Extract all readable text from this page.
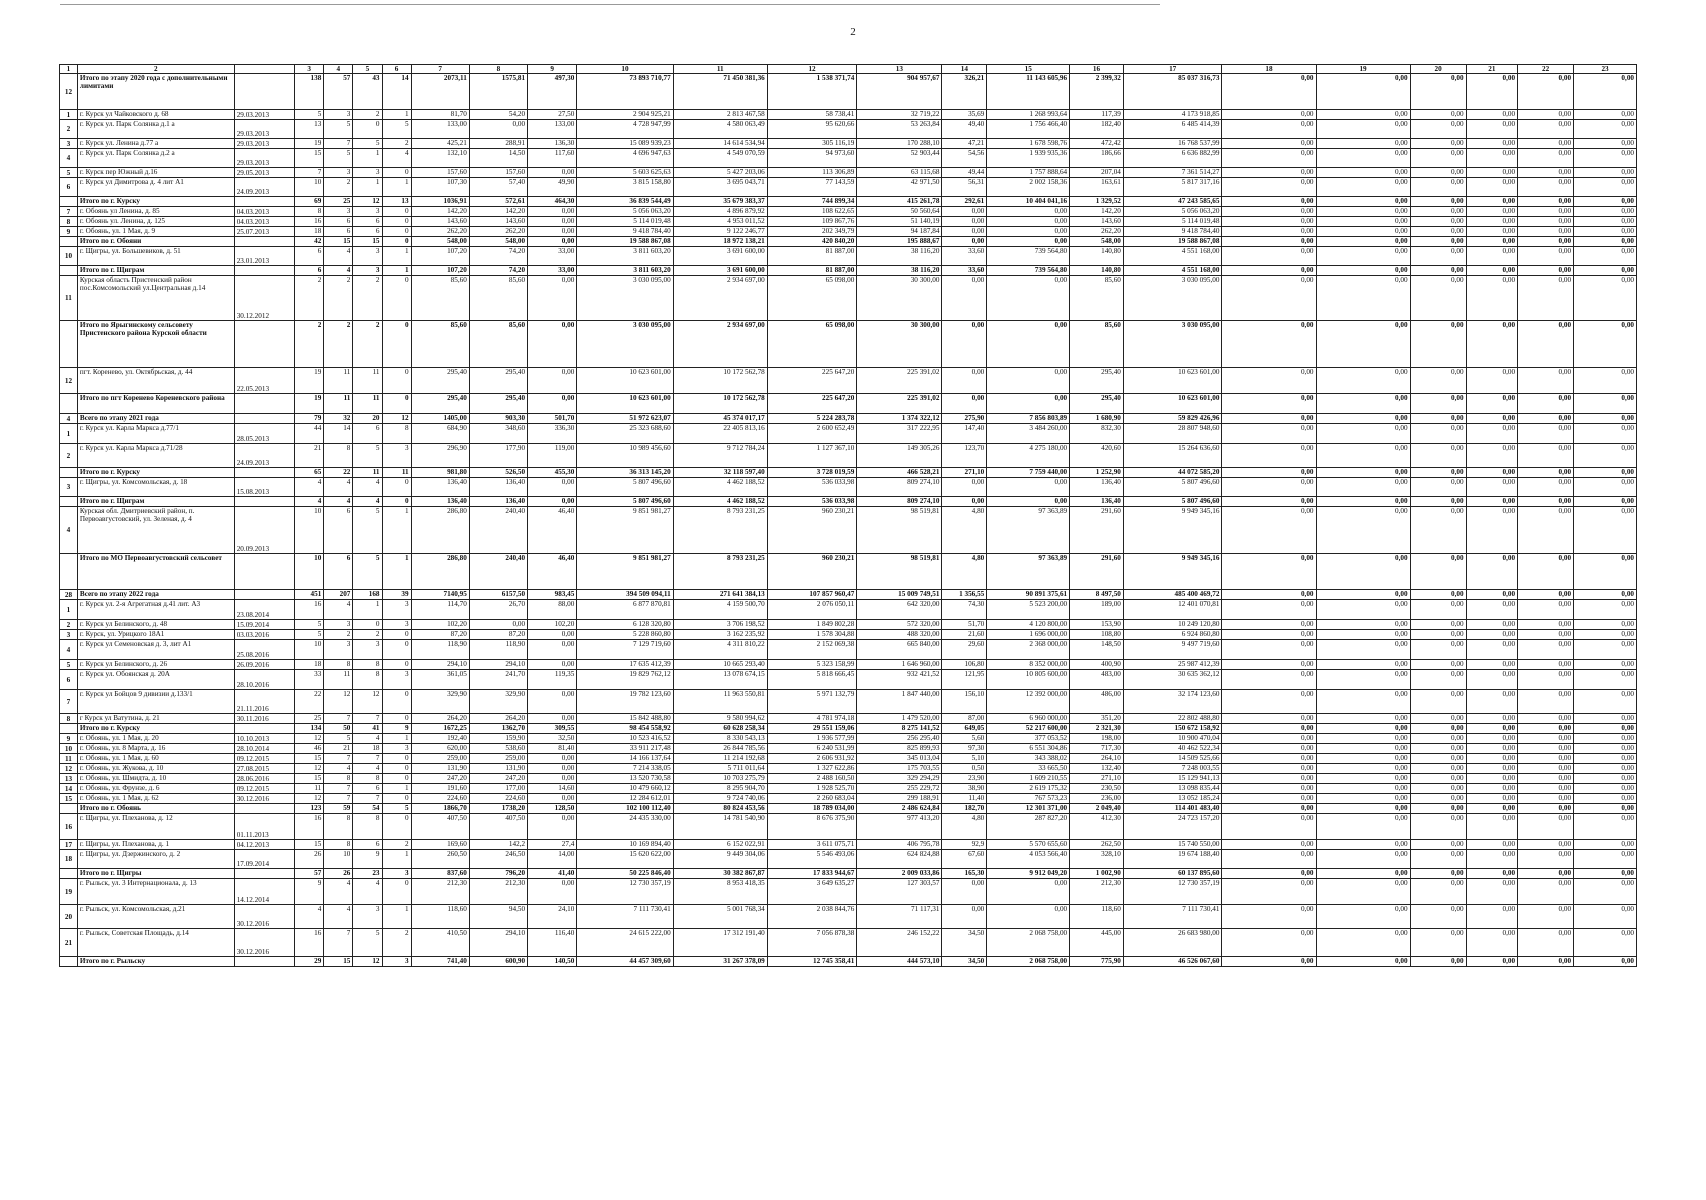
2
1	2		3	4	5	6	7	8	9	10	11	12	13	14	15	16	17	18	19	20	21	22	23
12	Итого по этапу 2020 года с дополнительными лимитами		138	57	43	14	2073,11	1575,81	497,30	73 893 710,77	71 450 381,36	1 538 371,74	904 957,67	326,21	11 143 605,96	2 399,32	85 037 316,73	0,00	0,00	0,00	0,00	0,00	0,00
1	г. Курск ул Чайковского д. 68	29.03.2013	5	3	2	1	81,70	54,20	27,50	2 904 925,21	2 813 467,58	58 738,41	32 719,22	35,69	1 268 993,64	117,39	4 173 918,85	0,00	0,00	0,00	0,00	0,00	0,00
2	г. Курск ул. Парк Солянка д.1 а	29.03.2013	13	5	0	5	133,00	0,00	133,00	4 728 947,99	4 580 063,49	95 620,66	53 263,84	49,40	1 756 466,40	182,40	6 485 414,39	0,00	0,00	0,00	0,00	0,00	0,00
3	г. Курск ул. Ленина д.77 а	29.03.2013	19	7	5	2	425,21	288,91	136,30	15 089 939,23	14 614 534,94	305 116,19	170 288,10	47,21	1 678 598,76	472,42	16 768 537,99	0,00	0,00	0,00	0,00	0,00	0,00
4	г. Курск ул. Парк Солянка д.2 а	29.03.2013	15	5	1	4	132,10	14,50	117,60	4 696 947,63	4 549 070,59	94 973,60	52 903,44	54,56	1 939 935,36	186,66	6 636 882,99	0,00	0,00	0,00	0,00	0,00	0,00
5	г. Курск пер Южный д.16	29.05.2013	7	3	3	0	157,60	157,60	0,00	5 603 625,63	5 427 203,06	113 306,89	63 115,68	49,44	1 757 888,64	207,04	7 361 514,27	0,00	0,00	0,00	0,00	0,00	0,00
6	г. Курск ул Димитрова д. 4 лит А1	24.09.2013	10	2	1	1	107,30	57,40	49,90	3 815 158,80	3 695 043,71	77 143,59	42 971,50	56,31	2 002 158,36	163,61	5 817 317,16	0,00	0,00	0,00	0,00	0,00	0,00
	Итого по г. Курску		69	25	12	13	1036,91	572,61	464,30	36 839 544,49	35 679 383,37	744 899,34	415 261,78	292,61	10 404 041,16	1 329,52	47 243 585,65	0,00	0,00	0,00	0,00	0,00	0,00
7	г. Обоянь ул Ленина, д. 85	04.03.2013	8	3	3	0	142,20	142,20	0,00	5 056 063,20	4 896 879,92	108 622,65	50 560,64	0,00	0,00	142,20	5 056 063,20	0,00	0,00	0,00	0,00	0,00	0,00
8	г. Обоянь ул. Ленина, д. 125	04.03.2013	16	6	6	0	143,60	143,60	0,00	5 114 019,48	4 953 011,52	109 867,76	51 140,19	0,00	0,00	143,60	5 114 019,48	0,00	0,00	0,00	0,00	0,00	0,00
9	г. Обоянь, ул. 1 Мая, д. 9	25.07.2013	18	6	6	0	262,20	262,20	0,00	9 418 784,40	9 122 246,77	202 349,79	94 187,84	0,00	0,00	262,20	9 418 784,40	0,00	0,00	0,00	0,00	0,00	0,00
	Итого по г. Обояни		42	15	15	0	548,00	548,00	0,00	19 588 867,08	18 972 138,21	420 840,20	195 888,67	0,00	0,00	548,00	19 588 867,08	0,00	0,00	0,00	0,00	0,00	0,00
10	г. Щигры, ул. Большевиков, д. 51	23.01.2013	6	4	3	1	107,20	74,20	33,00	3 811 603,20	3 691 600,00	81 887,00	38 116,20	33,60	739 564,80	140,80	4 551 168,00	0,00	0,00	0,00	0,00	0,00	0,00
	Итого по г. Щиграм		6	4	3	1	107,20	74,20	33,00	3 811 603,20	3 691 600,00	81 887,00	38 116,20	33,60	739 564,80	140,80	4 551 168,00	0,00	0,00	0,00	0,00	0,00	0,00
11	Курская область Пристенский район пос.Комсомольский ул.Центральная д.14	30.12.2012	2	2	2	0	85,60	85,60	0,00	3 030 095,00	2 934 697,00	65 098,00	30 300,00	0,00	0,00	85,60	3 030 095,00	0,00	0,00	0,00	0,00	0,00	0,00
	Итого по Ярыгинскому сельсовету Пристенского района Курской области		2	2	2	0	85,60	85,60	0,00	3 030 095,00	2 934 697,00	65 098,00	30 300,00	0,00	0,00	85,60	3 030 095,00	0,00	0,00	0,00	0,00	0,00	0,00
12	пгт. Коренево, ул. Октябрьская, д. 44	22.05.2013	19	11	11	0	295,40	295,40	0,00	10 623 601,00	10 172 562,78	225 647,20	225 391,02	0,00	0,00	295,40	10 623 601,00	0,00	0,00	0,00	0,00	0,00	0,00
	Итого по пгт Коренево Кореневского района		19	11	11	0	295,40	295,40	0,00	10 623 601,00	10 172 562,78	225 647,20	225 391,02	0,00	0,00	295,40	10 623 601,00	0,00	0,00	0,00	0,00	0,00	0,00
4	Всего по этапу 2021 года		79	32	20	12	1405,00	903,30	501,70	51 972 623,07	45 374 017,17	5 224 283,78	1 374 322,12	275,90	7 856 803,89	1 680,90	59 829 426,96	0,00	0,00	0,00	0,00	0,00	0,00
1	г. Курск ул. Карла Маркса д.77/1	28.05.2013	44	14	6	8	684,90	348,60	336,30	25 323 688,60	22 405 813,16	2 600 652,49	317 222,95	147,40	3 484 260,00	832,30	28 807 948,60	0,00	0,00	0,00	0,00	0,00	0,00
2	г. Курск ул. Карла Маркса д.71/28	24.09.2013	21	8	5	3	296,90	177,90	119,00	10 989 456,60	9 712 784,24	1 127 367,10	149 305,26	123,70	4 275 180,00	420,60	15 264 636,60	0,00	0,00	0,00	0,00	0,00	0,00
	Итого по г. Курску		65	22	11	11	981,80	526,50	455,30	36 313 145,20	32 118 597,40	3 728 019,59	466 528,21	271,10	7 759 440,00	1 252,90	44 072 585,20	0,00	0,00	0,00	0,00	0,00	0,00
3	г. Щигры, ул. Комсомольская, д. 18	15.08.2013	4	4	4	0	136,40	136,40	0,00	5 807 496,60	4 462 188,52	536 033,98	809 274,10	0,00	0,00	136,40	5 807 496,60	0,00	0,00	0,00	0,00	0,00	0,00
	Итого по г. Щиграм		4	4	4	0	136,40	136,40	0,00	5 807 496,60	4 462 188,52	536 033,98	809 274,10	0,00	0,00	136,40	5 807 496,60	0,00	0,00	0,00	0,00	0,00	0,00
4	Курская обл. Дмитриевский район, п. Первоавгустовский, ул. Зеленая, д. 4	20.09.2013	10	6	5	1	286,80	240,40	46,40	9 851 981,27	8 793 231,25	960 230,21	98 519,81	4,80	97 363,89	291,60	9 949 345,16	0,00	0,00	0,00	0,00	0,00	0,00
	Итого по МО Первоавгустовский сельсовет		10	6	5	1	286,80	240,40	46,40	9 851 981,27	8 793 231,25	960 230,21	98 519,81	4,80	97 363,89	291,60	9 949 345,16	0,00	0,00	0,00	0,00	0,00	0,00
28	Всего по этапу 2022 года		451	207	168	39	7140,95	6157,50	983,45	394 509 094,11	271 641 384,13	107 857 960,47	15 009 749,51	1 356,55	90 891 375,61	8 497,50	485 400 469,72	0,00	0,00	0,00	0,00	0,00	0,00
1	г. Курск ул. 2-я Агрегатная д.41 лит. А3	23.08.2014	16	4	1	3	114,70	26,70	88,00	6 877 870,81	4 159 500,70	2 076 050,11	642 320,00	74,30	5 523 200,00	189,00	12 401 070,81	0,00	0,00	0,00	0,00	0,00	0,00
2	г. Курск ул Белинского, д. 48	15.09.2014	5	3	0	3	102,20	0,00	102,20	6 128 320,80	3 706 198,52	1 849 802,28	572 320,00	51,70	4 120 800,00	153,90	10 249 120,80	0,00	0,00	0,00	0,00	0,00	0,00
3	г. Курск, ул. Урицкого 18А1	03.03.2016	5	2	2	0	87,20	87,20	0,00	5 228 860,80	3 162 235,92	1 578 304,88	488 320,00	21,60	1 696 000,00	108,80	6 924 860,80	0,00	0,00	0,00	0,00	0,00	0,00
4	г. Курск ул Семеновская д. 3, лит А1	25.08.2016	10	3	3	0	118,90	118,90	0,00	7 129 719,60	4 311 810,22	2 152 069,38	665 840,00	29,60	2 368 000,00	148,50	9 497 719,60	0,00	0,00	0,00	0,00	0,00	0,00
5	г. Курск ул Белинского, д. 26	26.09.2016	18	8	8	0	294,10	294,10	0,00	17 635 412,39	10 665 293,40	5 323 158,99	1 646 960,00	106,80	8 352 000,00	400,90	25 987 412,39	0,00	0,00	0,00	0,00	0,00	0,00
6	г. Курск ул. Обоянская д. 20А	28.10.2016	33	11	8	3	361,05	241,70	119,35	19 829 762,12	13 078 674,15	5 818 666,45	932 421,52	121,95	10 805 600,00	483,00	30 635 362,12	0,00	0,00	0,00	0,00	0,00	0,00
7	г. Курск ул Бойцов 9 дивизии д.133/1	21.11.2016	22	12	12	0	329,90	329,90	0,00	19 782 123,60	11 963 550,81	5 971 132,79	1 847 440,00	156,10	12 392 000,00	486,00	32 174 123,60	0,00	0,00	0,00	0,00	0,00	0,00
8	г Курск ул Ватутина, д. 21	30.11.2016	25	7	7	0	264,20	264,20	0,00	15 842 488,80	9 580 994,62	4 781 974,18	1 479 520,00	87,00	6 960 000,00	351,20	22 802 488,80	0,00	0,00	0,00	0,00	0,00	0,00
	Итого по г. Курску		134	50	41	9	1672,25	1362,70	309,55	98 454 558,92	60 628 258,34	29 551 159,06	8 275 141,52	649,05	52 217 600,00	2 321,30	150 672 158,92	0,00	0,00	0,00	0,00	0,00	0,00
9	г. Обоянь, ул. 1 Мая, д. 20	10.10.2013	12	5	4	1	192,40	159,90	32,50	10 523 416,52	8 330 543,13	1 936 577,99	256 295,40	5,60	377 053,52	198,00	10 900 470,04	0,00	0,00	0,00	0,00	0,00	0,00
10	г. Обоянь, ул. 8 Марта, д. 16	28.10.2014	46	21	18	3	620,00	538,60	81,40	33 911 217,48	26 844 785,56	6 240 531,99	825 899,93	97,30	6 551 304,86	717,30	40 462 522,34	0,00	0,00	0,00	0,00	0,00	0,00
11	г. Обоянь, ул. 1 Мая, д. 60	09.12.2015	15	7	7	0	259,00	259,00	0,00	14 166 137,64	11 214 192,68	2 606 931,92	345 013,04	5,10	343 388,02	264,10	14 509 525,66	0,00	0,00	0,00	0,00	0,00	0,00
12	г. Обоянь, ул. Жукова, д. 10	27.08.2015	12	4	4	0	131,90	131,90	0,00	7 214 338,05	5 711 011,64	1 327 622,86	175 703,55	0,50	33 665,50	132,40	7 248 003,55	0,00	0,00	0,00	0,00	0,00	0,00
13	г. Обоянь, ул. Шмидта, д. 10	28.06.2016	15	8	8	0	247,20	247,20	0,00	13 520 730,58	10 703 275,79	2 488 160,50	329 294,29	23,90	1 609 210,55	271,10	15 129 941,13	0,00	0,00	0,00	0,00	0,00	0,00
14	г. Обоянь, ул. Фрунзе, д. 6	09.12.2015	11	7	6	1	191,60	177,00	14,60	10 479 660,12	8 295 904,70	1 928 525,70	255 229,72	38,90	2 619 175,32	230,50	13 098 835,44	0,00	0,00	0,00	0,00	0,00	0,00
15	г. Обоянь, ул. 1 Мая, д. 62	30.12.2016	12	7	7	0	224,60	224,60	0,00	12 284 612,01	9 724 740,06	2 260 683,04	299 188,91	11,40	767 573,23	236,00	13 052 185,24	0,00	0,00	0,00	0,00	0,00	0,00
	Итого по г. Обоянь		123	59	54	5	1866,70	1738,20	128,50	102 100 112,40	80 824 453,56	18 789 034,00	2 486 624,84	182,70	12 301 371,00	2 049,40	114 401 483,40	0,00	0,00	0,00	0,00	0,00	0,00
16	г. Щигры, ул. Плеханова, д. 12	01.11.2013	16	8	8	0	407,50	407,50	0,00	24 435 330,00	14 781 540,90	8 676 375,90	977 413,20	4,80	287 827,20	412,30	24 723 157,20	0,00	0,00	0,00	0,00	0,00	0,00
17	г. Щигры, ул. Плеханова, д. 1	04.12.2013	15	8	6	2	169,60	142,2	27,4	10 169 894,40	6 152 022,91	3 611 075,71	406 795,78	92,9	5 570 655,60	262,50	15 740 550,00	0,00	0,00	0,00	0,00	0,00	0,00
18	г. Щигры, ул. Дзержинского, д. 2	17.09.2014	26	10	9	1	260,50	246,50	14,00	15 620 622,00	9 449 304,06	5 546 493,06	624 824,88	67,60	4 053 566,40	328,10	19 674 188,40	0,00	0,00	0,00	0,00	0,00	0,00
	Итого по г. Щигры		57	26	23	3	837,60	796,20	41,40	50 225 846,40	30 382 867,87	17 833 944,67	2 009 033,86	165,30	9 912 049,20	1 002,90	60 137 895,60	0,00	0,00	0,00	0,00	0,00	0,00
19	г. Рыльск, ул. 3 Интернационала, д. 13	14.12.2014	9	4	4	0	212,30	212,30	0,00	12 730 357,19	8 953 418,35	3 649 635,27	127 303,57	0,00	0,00	212,30	12 730 357,19	0,00	0,00	0,00	0,00	0,00	0,00
20	г. Рыльск, ул. Комсомольская, д.21	30.12.2016	4	4	3	1	118,60	94,50	24,10	7 111 730,41	5 001 768,34	2 038 844,76	71 117,31	0,00	0,00	118,60	7 111 730,41	0,00	0,00	0,00	0,00	0,00	0,00
21	г. Рыльск, Советская Площадь, д.14	30.12.2016	16	7	5	2	410,50	294,10	116,40	24 615 222,00	17 312 191,40	7 056 878,38	246 152,22	34,50	2 068 758,00	445,00	26 683 980,00	0,00	0,00	0,00	0,00	0,00	0,00
	Итого по г. Рыльску		29	15	12	3	741,40	600,90	140,50	44 457 309,60	31 267 378,09	12 745 358,41	444 573,10	34,50	2 068 758,00	775,90	46 526 067,60	0,00	0,00	0,00	0,00	0,00	0,00
